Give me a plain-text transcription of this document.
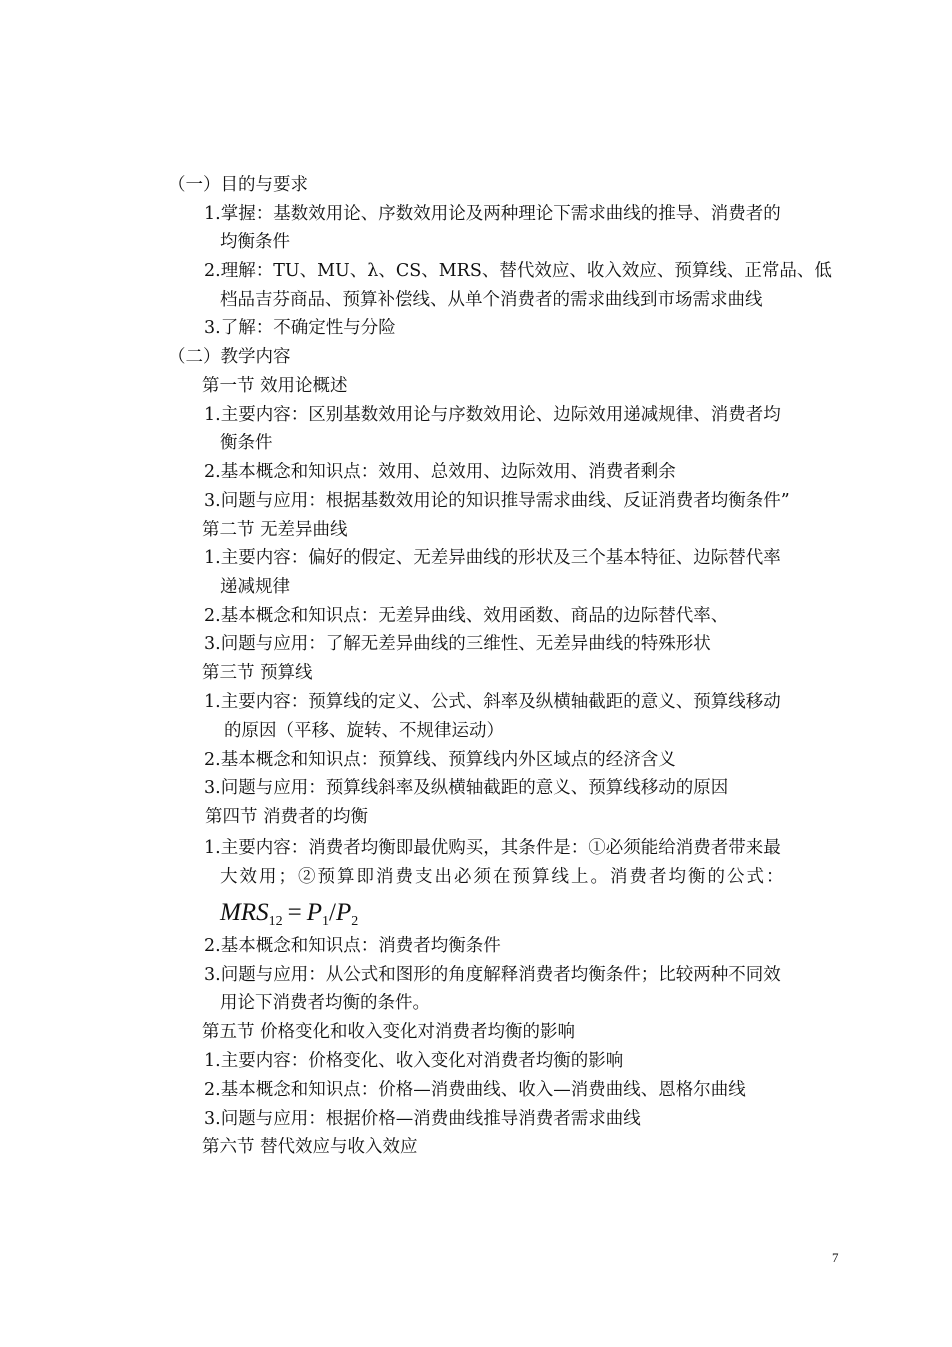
（一）目的与要求
1.掌握：基数效用论、序数效用论及两种理论下需求曲线的推导、消费者的
均衡条件
2.理解：TU、MU、λ、CS、MRS、替代效应、收入效应、预算线、正常品、低
档品吉芬商品、预算补偿线、从单个消费者的需求曲线到市场需求曲线
3.了解：不确定性与分险
（二）教学内容
第一节 效用论概述
1.主要内容：区别基数效用论与序数效用论、边际效用递减规律、消费者均
衡条件
2.基本概念和知识点：效用、总效用、边际效用、消费者剩余
3.问题与应用：根据基数效用论的知识推导需求曲线、反证消费者均衡条件”
第二节 无差异曲线
1.主要内容：偏好的假定、无差异曲线的形状及三个基本特征、边际替代率
递减规律
2.基本概念和知识点：无差异曲线、效用函数、商品的边际替代率、
3.问题与应用：了解无差异曲线的三维性、无差异曲线的特殊形状
第三节 预算线
1.主要内容：预算线的定义、公式、斜率及纵横轴截距的意义、预算线移动
的原因（平移、旋转、不规律运动）
2.基本概念和知识点：预算线、预算线内外区域点的经济含义
3.问题与应用：预算线斜率及纵横轴截距的意义、预算线移动的原因
第四节 消费者的均衡
1.主要内容：消费者均衡即最优购买，其条件是：①必须能给消费者带来最
大效用；②预算即消费支出必须在预算线上。消费者均衡的公式：
$MRS_{12} = P_1/P_2$
2.基本概念和知识点：消费者均衡条件
3.问题与应用：从公式和图形的角度解释消费者均衡条件；比较两种不同效
用论下消费者均衡的条件。
第五节 价格变化和收入变化对消费者均衡的影响
1.主要内容：价格变化、收入变化对消费者均衡的影响
2.基本概念和知识点：价格—消费曲线、收入—消费曲线、恩格尔曲线
3.问题与应用：根据价格—消费曲线推导消费者需求曲线
第六节 替代效应与收入效应
7
